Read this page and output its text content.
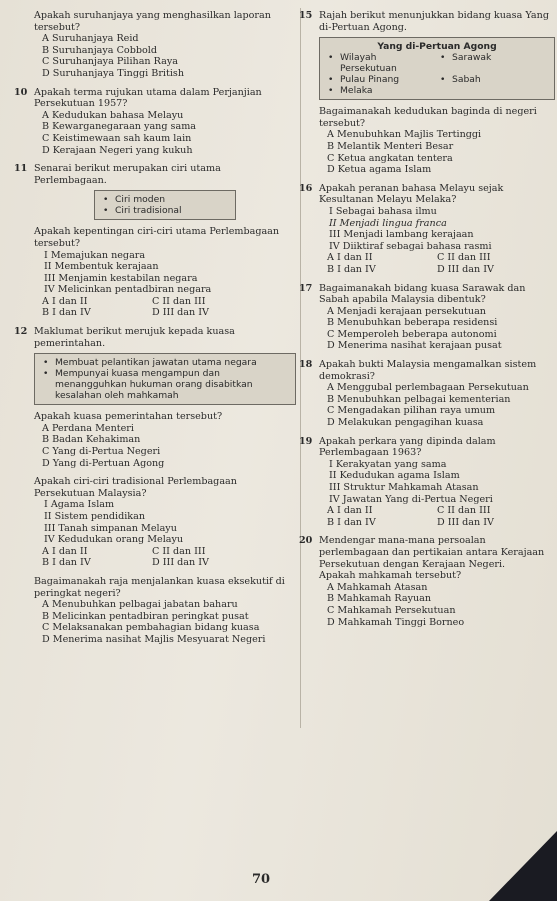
Apakah suruhanjaya yang menghasilkan laporan tersebut?

A Suruhanjaya Reid

B Suruhanjaya Cobbold

C Suruhanjaya Pilihan Raya

D Suruhanjaya Tinggi British

10 Apakah terma rujukan utama dalam Perjanjian Persekutuan 1957?

A Kedudukan bahasa Melayu

B Kewarganegaraan yang sama

C Keistimewaan sah kaum lain

D Kerajaan Negeri yang kukuh

11 Senarai berikut merupakan ciri utama Perlembagaan.

• Ciri moden
• Ciri tradisional

Apakah kepentingan ciri-ciri utama Perlembagaan tersebut?

I Memajukan negara

II Membentuk kerajaan

III Menjamin kestabilan negara

IV Melicinkan pentadbiran negara

A I dan II	C II dan III
B I dan IV	D III dan IV
12 Maklumat berikut merujuk kepada kuasa pemerintahan.

• Membuat pelantikan jawatan utama negara
• Mempunyai kuasa mengampun dan menangguhkan hukuman orang disabitkan kesalahan oleh mahkamah

Apakah kuasa pemerintahan tersebut?

A Perdana Menteri

B Badan Kehakiman

C Yang di-Pertua Negeri

D Yang di-Pertuan Agong

Apakah ciri-ciri tradisional Perlembagaan Persekutuan Malaysia?

I Agama Islam

II Sistem pendidikan

III Tanah simpanan Melayu

IV Kedudukan orang Melayu

A I dan II	C II dan III
B I dan IV	D III dan IV

Bagaimanakah raja menjalankan kuasa eksekutif di peringkat negeri?

A Menubuhkan pelbagai jabatan baharu

B Melicinkan pentadbiran peringkat pusat

C Melaksanakan pembahagian bidang kuasa

D Menerima nasihat Majlis Mesyuarat Negeri

15 Rajah berikut menunjukkan bidang kuasa Yang di-Pertuan Agong.

Yang di-Pertuan Agong

• Wilayah Persekutuan
• Sarawak
• Pulau Pinang	• Sabah
• Melaka

Bagaimanakah kedudukan baginda di negeri tersebut?

A Menubuhkan Majlis Tertinggi

B Melantik Menteri Besar

C Ketua angkatan tentera

D Ketua agama Islam

16 Apakah peranan bahasa Melayu sejak Kesultanan Melayu Melaka?

I Sebagai bahasa ilmu

II Menjadi lingua franca

III Menjadi lambang kerajaan

IV Diiktiraf sebagai bahasa rasmi

A I dan II	C II dan III
B I dan IV	D III dan IV
17 Bagaimanakah bidang kuasa Sarawak dan Sabah apabila Malaysia dibentuk?

A Menjadi kerajaan persekutuan

B Menubuhkan beberapa residensi

C Memperoleh beberapa autonomi

D Menerima nasihat kerajaan pusat

18 Apakah bukti Malaysia mengamalkan sistem demokrasi?

A Menggubal perlembagaan Persekutuan

B Menubuhkan pelbagai kementerian

C Mengadakan pilihan raya umum

D Melakukan pengagihan kuasa

19 Apakah perkara yang dipinda dalam Perlembagaan 1963?

I Kerakyatan yang sama

II Kedudukan agama Islam

III Struktur Mahkamah Atasan

IV Jawatan Yang di-Pertua Negeri

A I dan II	C II dan III
B I dan IV	D III dan IV
20 Mendengar mana-mana persoalan perlembagaan dan pertikaian antara Kerajaan Persekutuan dengan Kerajaan Negeri.

Apakah mahkamah tersebut?

A Mahkamah Atasan

B Mahkamah Rayuan

C Mahkamah Persekutuan

D Mahkamah Tinggi Borneo

70
